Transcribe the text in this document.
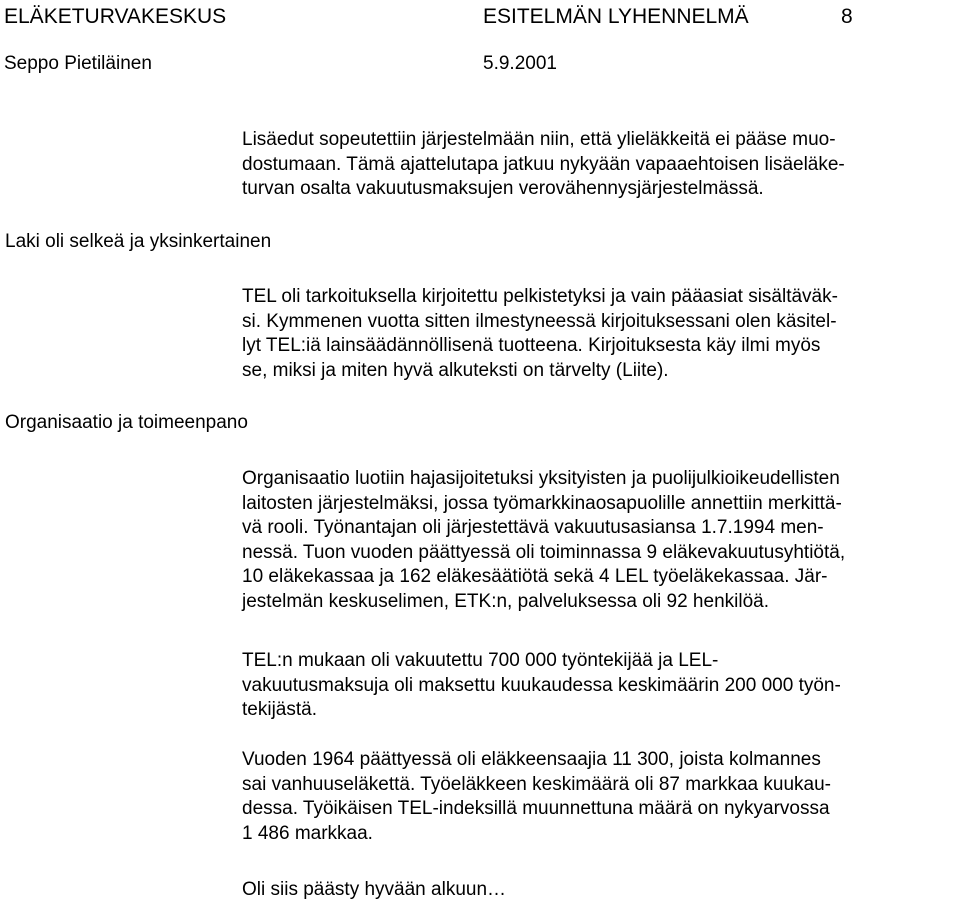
ELÄKETURVAKESKUS	ESITELMÄN LYHENNELMÄ	8
Seppo Pietiläinen	5.9.2001
Laki oli selkeä ja yksinkertainen
Organisaatio ja toimeenpano

Lisäedut sopeutettiin järjestelmään niin, että ylieläkkeitä ei pääse muo-
dostumaan. Tämä ajattelutapa jatkuu nykyään vapaaehtoisen lisäeläke-
turvan osalta vakuutusmaksujen verovähennysjärjestelmässä.

TEL oli tarkoituksella kirjoitettu pelkistetyksi ja vain pääasiat sisältäväk-
si. Kymmenen vuotta sitten ilmestyneessä kirjoituksessani olen käsitel-
lyt TEL:iä lainsäädännöllisenä tuotteena. Kirjoituksesta käy ilmi myös
se, miksi ja miten hyvä alkuteksti on tärvelty (Liite).

Organisaatio luotiin hajasijoitetuksi yksityisten ja puolijulkioikeudellisten
laitosten järjestelmäksi, jossa työmarkkinaosapuolille annettiin merkittä-
vä rooli. Työnantajan oli järjestettävä vakuutusasiansa 1.7.1994 men-
nessä. Tuon vuoden päättyessä oli toiminnassa 9 eläkevakuutusyhtiötä,
10 eläkekassaa ja 162 eläkesäätiötä sekä 4 LEL työeläkekassaa. Jär-
jestelmän keskuselimen, ETK:n, palveluksessa oli 92 henkilöä.

TEL:n mukaan oli vakuutettu 700 000 työntekijää ja LEL-
vakuutusmaksuja oli maksettu kuukaudessa keskimäärin 200 000 työn-
tekijästä.

Vuoden 1964 päättyessä oli eläkkeensaajia 11 300, joista kolmannes
sai vanhuuseläkettä. Työeläkkeen keskimäärä oli 87 markkaa kuukau-
dessa. Työikäisen TEL-indeksillä muunnettuna määrä on nykyarvossa
1 486 markkaa.

Oli siis päästy hyvään alkuun…
